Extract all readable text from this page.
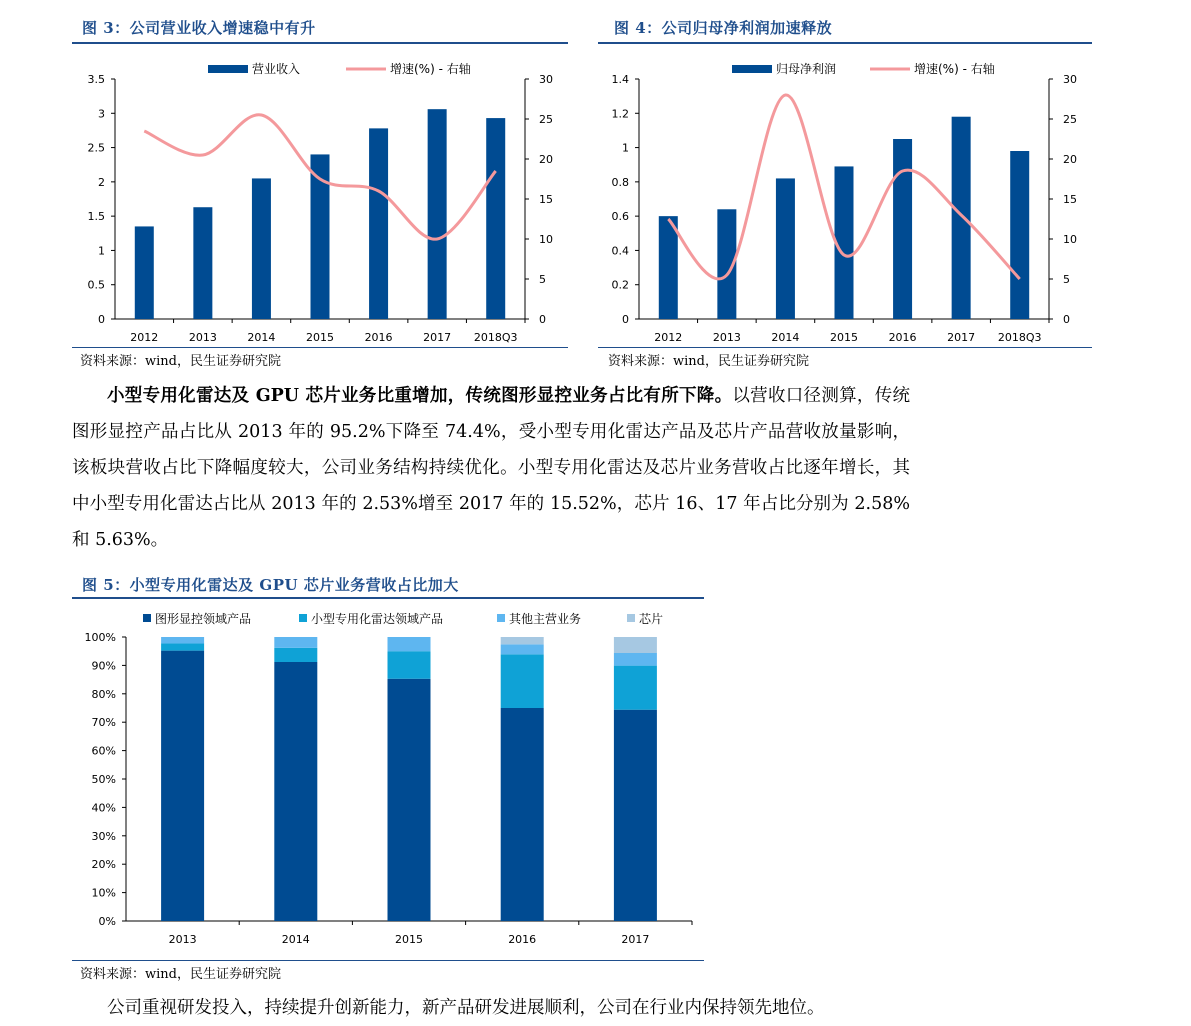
图 3：公司营业收入增速稳中有升
营业收入	增速(%) - 右轴
0
0.5
1
1.5
2
2.5
3
3.5
0
5
10
15
20
25
30
2012	2013	2014	2015	2016	2017 2018Q3
资料来源：wind，民生证券研究院
图 4：公司归母净利润加速释放
归母净利润	增速(%) - 右轴
0
0.2
0.4
0.6
0.8
1
1.2
1.4
0
5
10
15
20
25
30
2012	2013	2014	2015	2016	2017 2018Q3
资料来源：wind，民生证券研究院

小型专用化雷达及 GPU 芯片业务比重增加，传统图形显控业务占比有所下降。以营收口径测算，传统图形显控产品占比从 2013 年的 95.2%下降至 74.4%，受小型专用化雷达产品及芯片产品营收放量影响，该板块营收占比下降幅度较大，公司业务结构持续优化。小型专用化雷达及芯片业务营收占比逐年增长，其中小型专用化雷达占比从 2013 年的 2.53%增至 2017 年的 15.52%，芯片 16、17 年占比分别为 2.58%和 5.63%。

图 5：小型专用化雷达及 GPU 芯片业务营收占比加大
图形显控领域产品	小型专用化雷达领域产品	其他主营业务	芯片
0%
10%
20%
30%
40%
50%
60%
70%
80%
90%
100%
2013	2014	2015	2016	2017
资料来源：wind，民生证券研究院
公司重视研发投入，持续提升创新能力，新产品研发进展顺利，公司在行业内保持领先地位。
